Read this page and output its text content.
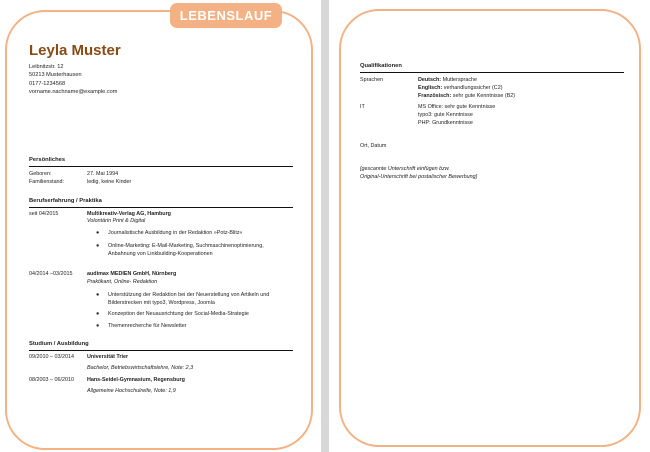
LEBENSLAUF
Leyla Muster
Leibnitzstr. 12
50213 Musterhausen
0177-1234568
vorname.nachname@example.com
Persönliches
Geboren:	27. Mai 1994
Familienstand:	ledig, keine Kinder
Berufserfahrung / Praktika
seit 04/2015	Multikreativ-Verlag AG, Hamburg
Volontärin Print & Digital
● Journalistische Ausbildung in der Redaktion »Potz-Blitz«
● Online-Marketing: E-Mail-Marketing, Suchmaschinenoptimierung,
Anbahnung von Linkbuilding-Kooperationen
04/2014 –03/2015	audimax MEDIEN GmbH, Nürnberg
Praktikant, Online- Redaktion
● Unterstützung der Redaktion bei der Neuerstellung von Artikeln und
Bilderstrecken mit typo3, Wordpress, Joomla
● Konzeption der Neuausrichtung der Social-Media-Strategie
● Themenrecherche für Newsletter
Studium / Ausbildung
09/2010 – 03/2014 Universität Trier
Bachelor, Betriebswirtschaftslehre, Note: 2,3
08/2003 – 06/2010 Hans-Seidel-Gymnasium, Regensburg
Allgemeine Hochschulreife, Note: 1,9
Qualifikationen
Sprachen	Deutsch: Muttersprache
Englisch: verhandlungssicher (C2)
Französisch: sehr gute Kenntnisse (B2)
IT	MS Office: sehr gute Kenntnisse
typo3: gute Kenntnisse
PHP: Grundkenntnisse
Ort, Datum
[gescannte Unterschrift einfügen bzw.
Original-Unterschrift bei postalischer Bewerbung]
